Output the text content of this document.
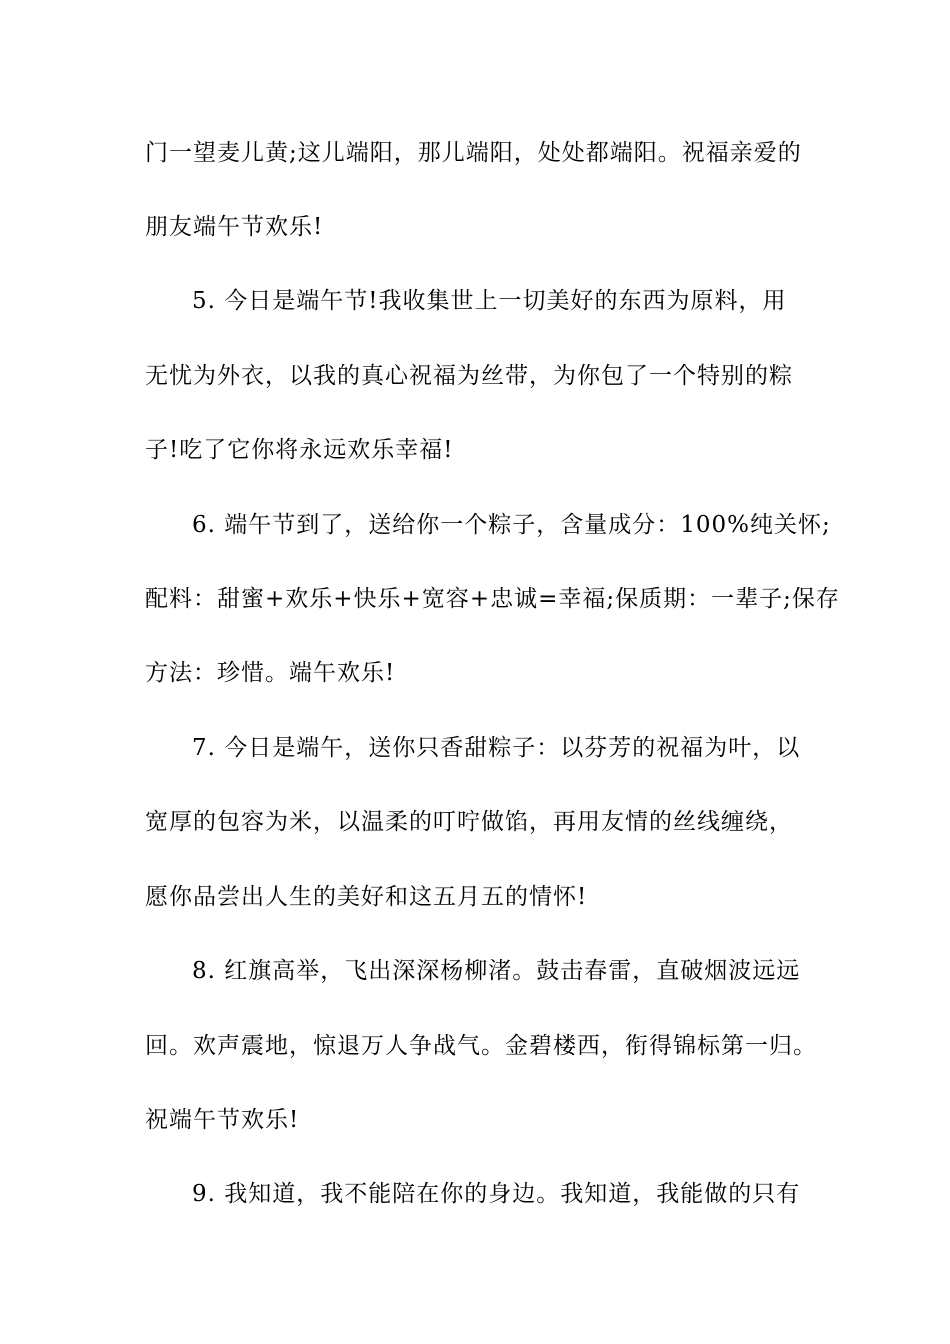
门一望麦儿黄;这儿端阳，那儿端阳，处处都端阳。祝福亲爱的
朋友端午节欢乐!
5. 今日是端午节!我收集世上一切美好的东西为原料，用
无忧为外衣，以我的真心祝福为丝带，为你包了一个特别的粽
子!吃了它你将永远欢乐幸福!
6. 端午节到了，送给你一个粽子，含量成分：100%纯关怀;
配料：甜蜜+欢乐+快乐+宽容+忠诚=幸福;保质期：一辈子;保存
方法：珍惜。端午欢乐!
7. 今日是端午，送你只香甜粽子：以芬芳的祝福为叶，以
宽厚的包容为米，以温柔的叮咛做馅，再用友情的丝线缠绕，
愿你品尝出人生的美好和这五月五的情怀!
8. 红旗高举，飞出深深杨柳渚。鼓击春雷，直破烟波远远
回。欢声震地，惊退万人争战气。金碧楼西，衔得锦标第一归。
祝端午节欢乐!
9. 我知道，我不能陪在你的身边。我知道，我能做的只有
